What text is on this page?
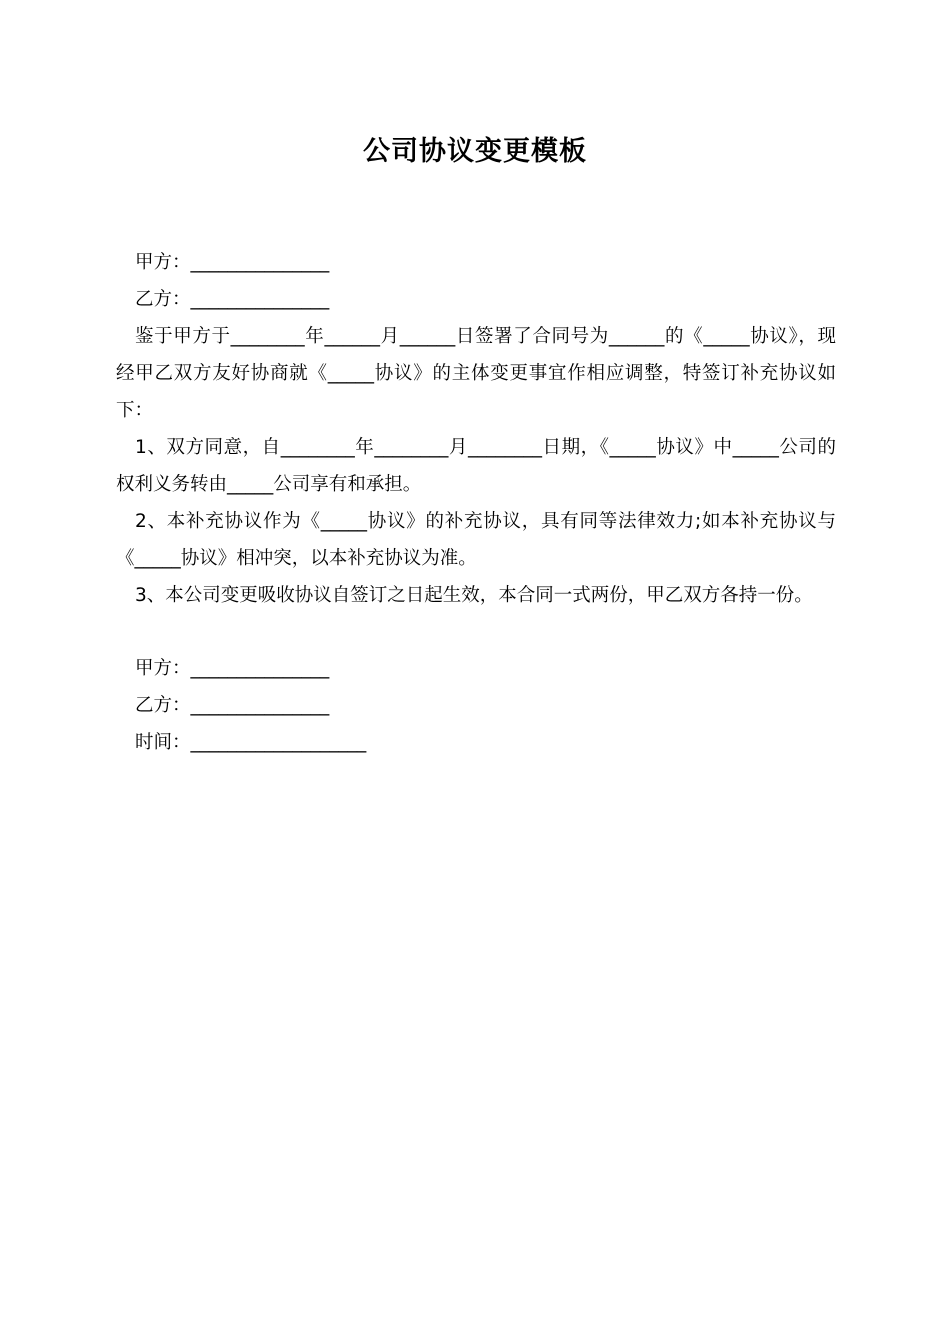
公司协议变更模板
甲方：_______________
乙方：_______________
鉴于甲方于________年______月______日签署了合同号为______的《_____协议》，现经甲乙双方友好协商就《_____协议》的主体变更事宜作相应调整，特签订补充协议如下：
1、双方同意，自________年________月________日期，《_____协议》中_____公司的权利义务转由_____公司享有和承担。
2、本补充协议作为《_____协议》的补充协议，具有同等法律效力;如本补充协议与《_____协议》相冲突，以本补充协议为准。
3、本公司变更吸收协议自签订之日起生效，本合同一式两份，甲乙双方各持一份。
甲方：_______________
乙方：_______________
时间：___________________
